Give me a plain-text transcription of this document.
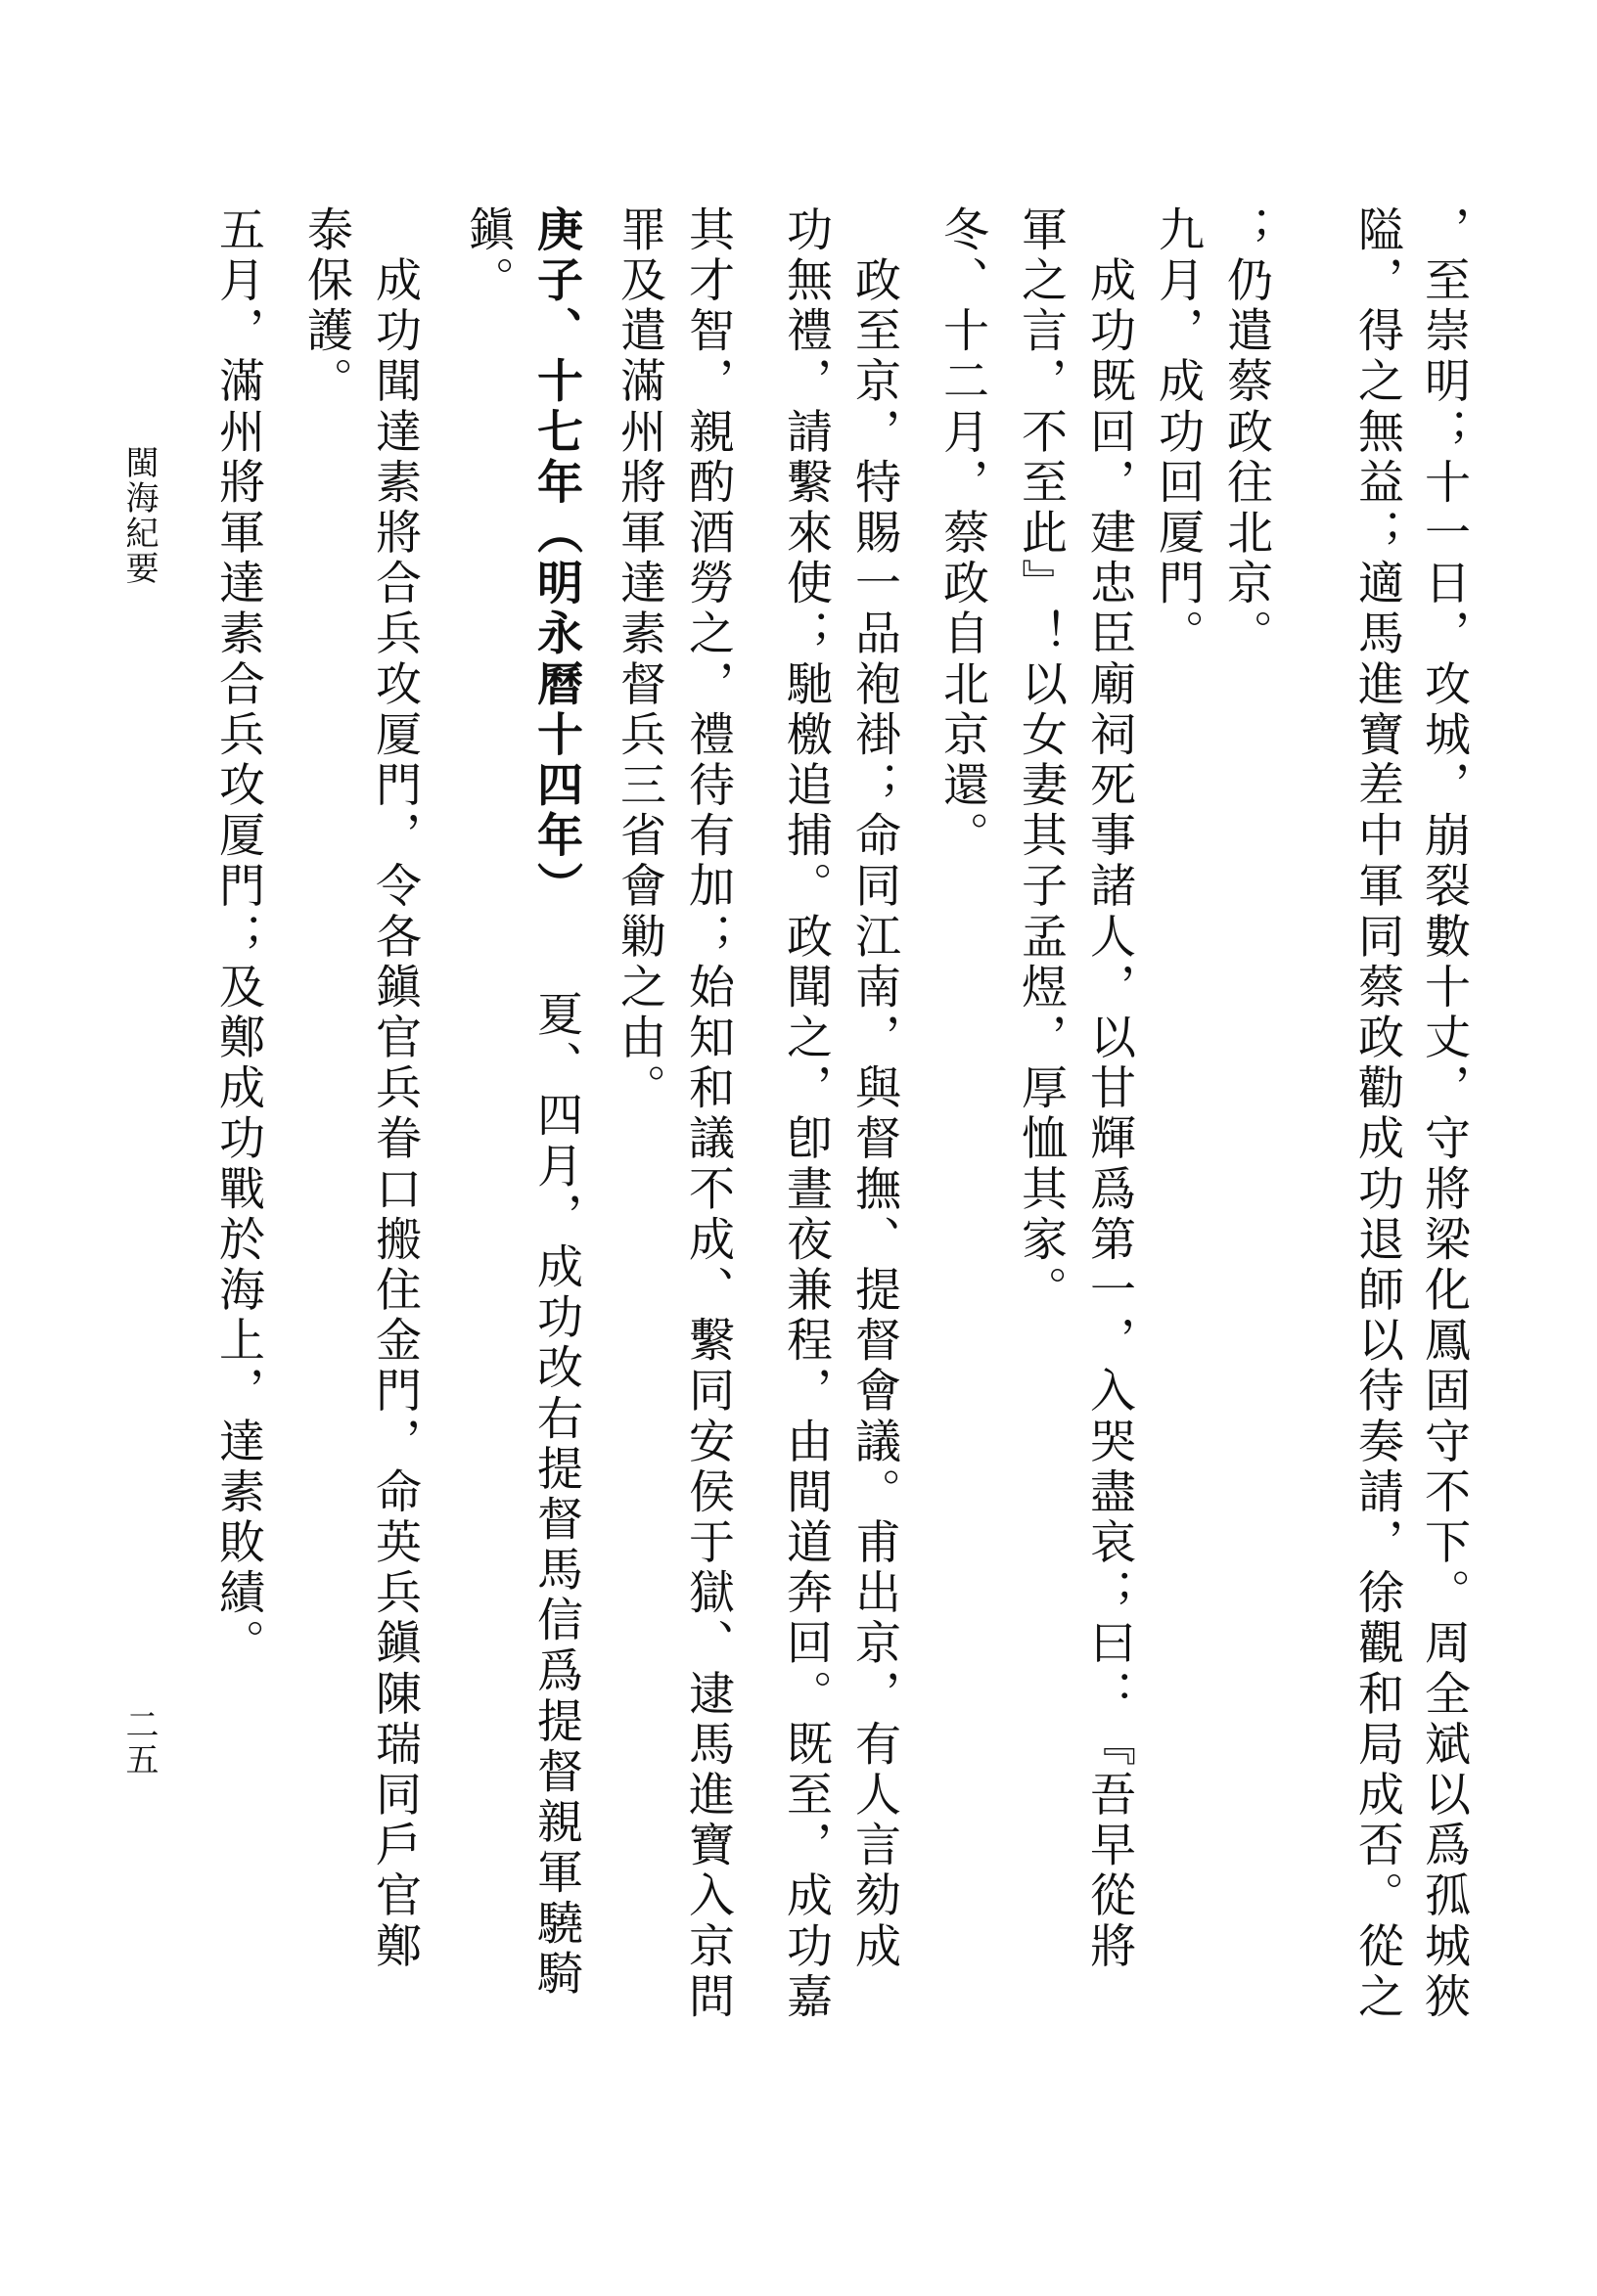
，至崇明；十一日，攻城，崩裂數十丈，守將梁化鳳固守不下。周全斌以爲孤城狹
隘，得之無益；適馬進寶差中軍同蔡政勸成功退師以待奏請，徐觀和局成否。從之
；仍遣蔡政往北京。
九月，成功回厦門。
　成功既回，建忠臣廟祠死事諸人，以甘輝爲第一，入哭盡哀；曰：『吾早從將
軍之言，不至此』！以女妻其子孟煜，厚恤其家。
冬、十二月，蔡政自北京還。
　政至京，特賜一品袍褂；命同江南，與督撫、提督會議。甫出京，有人言劾成
功無禮，請繫來使；馳檄追捕。政聞之，卽晝夜兼程，由間道奔回。既至，成功嘉
其才智，親酌酒勞之，禮待有加；始知和議不成、繫同安侯于獄、逮馬進寶入京問
罪及遣滿州將軍達素督兵三省會勦之由。
庚子、十七年（明永曆十四年）　　夏、四月，成功改右提督馬信爲提督親軍驍騎
鎭。
　成功聞達素將合兵攻厦門，令各鎭官兵眷口搬住金門，命英兵鎭陳瑞同戶官鄭
泰保護。
五月，滿州將軍達素合兵攻厦門；及鄭成功戰於海上，達素敗績。
閩海紀要
二五
